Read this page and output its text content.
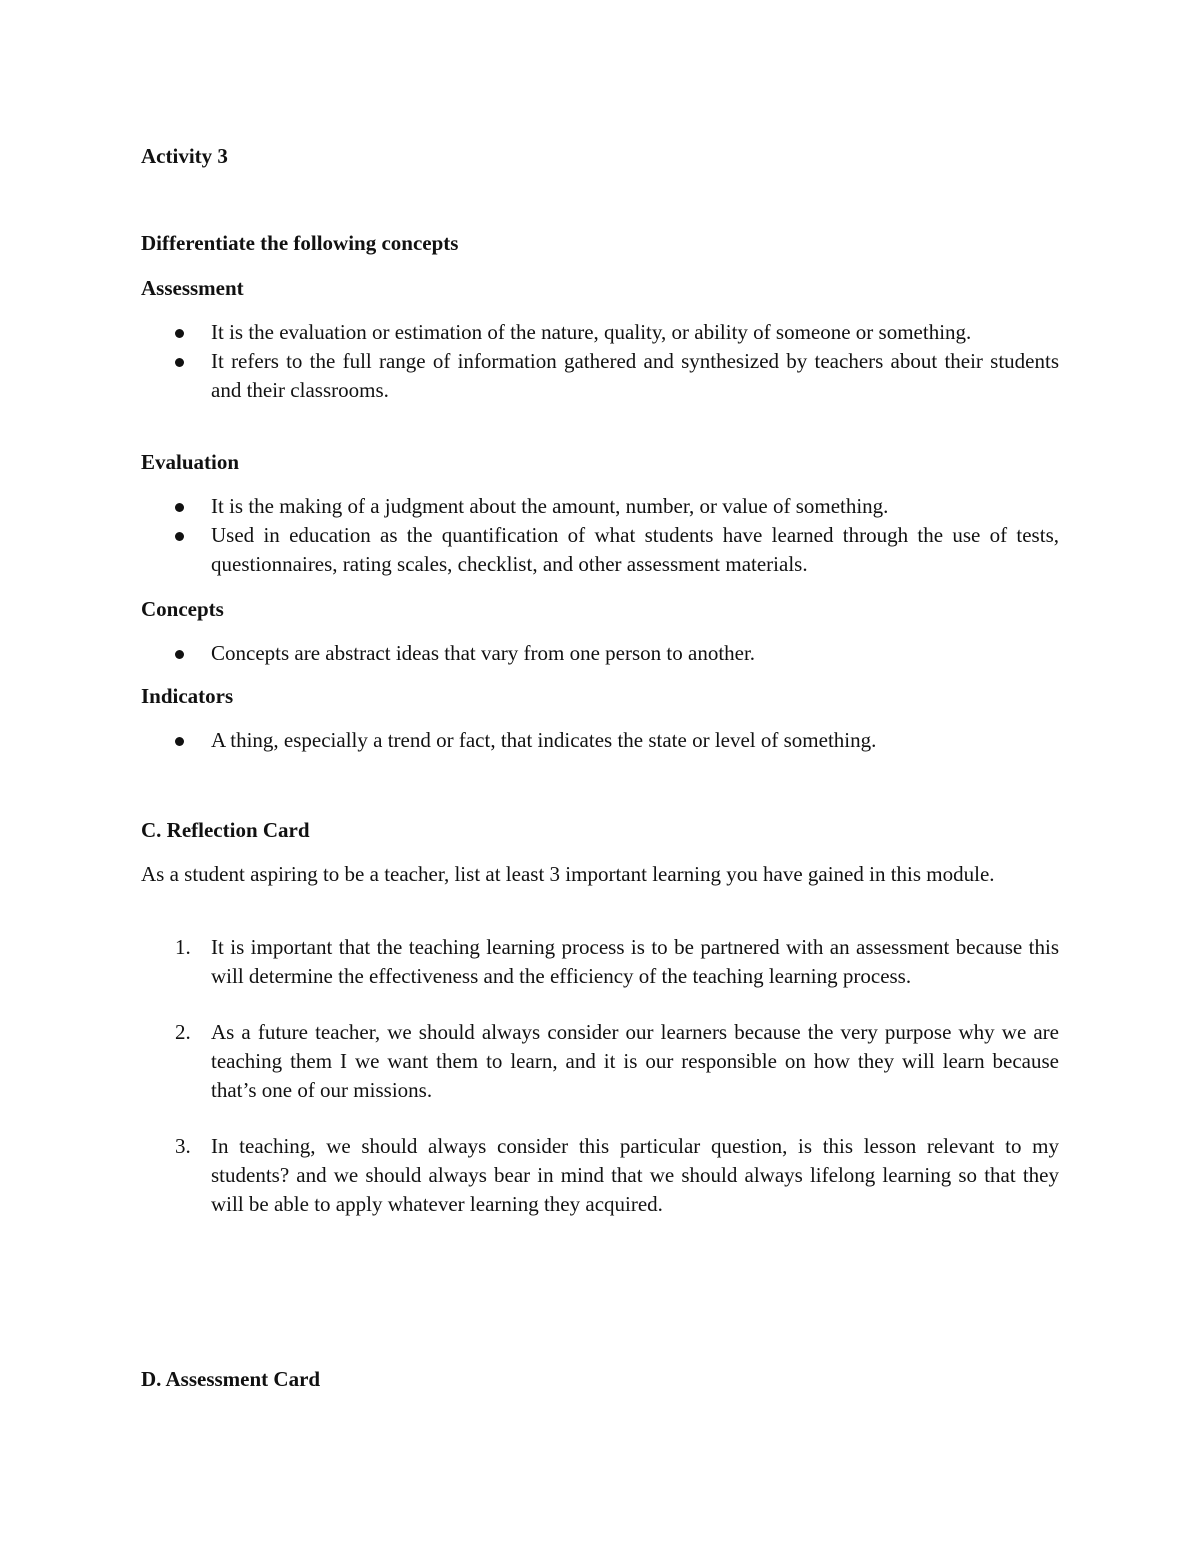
Activity 3

Differentiate the following concepts

Assessment

It is the evaluation or estimation of the nature, quality, or ability of someone or something.
It refers to the full range of information gathered and synthesized by teachers about their students and their classrooms.

Evaluation

It is the making of a judgment about the amount, number, or value of something.
Used in education as the quantification of what students have learned through the use of tests, questionnaires, rating scales, checklist, and other assessment materials.

Concepts

Concepts are abstract ideas that vary from one person to another.

Indicators

A thing, especially a trend or fact, that indicates the state or level of something.

C. Reflection Card

As a student aspiring to be a teacher, list at least 3 important learning you have gained in this module.

1. It is important that the teaching learning process is to be partnered with an assessment because this will determine the effectiveness and the efficiency of the teaching learning process.
2. As a future teacher, we should always consider our learners because the very purpose why we are teaching them I we want them to learn, and it is our responsible on how they will learn because that’s one of our missions.
3. In teaching, we should always consider this particular question, is this lesson relevant to my students? and we should always bear in mind that we should always lifelong learning so that they will be able to apply whatever learning they acquired.

D. Assessment Card
